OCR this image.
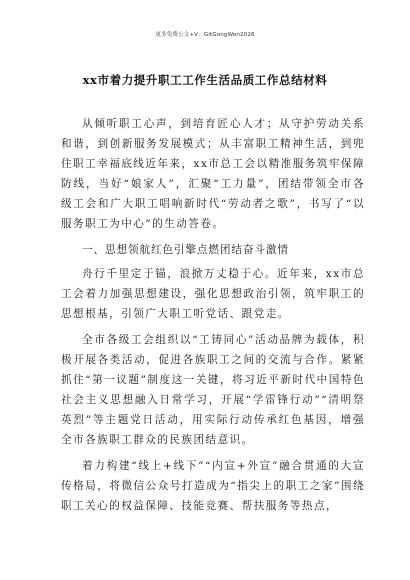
更多免费公文+V：GitGongWen2026
xx市着力提升职工工作生活品质工作总结材料

从倾听职工心声，到培育匠心人才；从守护劳动关系和谐，到创新服务发展模式；从丰富职工精神生活，到兜住职工幸福底线近年来，xx市总工会以精准服务筑牢保障防线，当好“娘家人”，汇聚“工力量”，团结带领全市各级工会和广大职工唱响新时代“劳动者之歌”，书写了“以服务职工为中心”的生动答卷。

一、思想领航红色引擎点燃团结奋斗激情

舟行千里定于锚，浪掀万丈稳于心。近年来，xx市总工会着力加强思想建设，强化思想政治引领，筑牢职工的思想根基，引领广大职工听党话、跟党走。

全市各级工会组织以“工铸同心”活动品牌为载体，积极开展各类活动，促进各族职工之间的交流与合作。紧紧抓住“第一议题”制度这一关键，将习近平新时代中国特色社会主义思想融入日常学习，开展“学雷锋行动”“清明祭英烈”等主题党日活动，用实际行动传承红色基因，增强全市各族职工群众的民族团结意识。

着力构建“线上+线下”“内宣+外宣”融合贯通的大宣传格局，将微信公众号打造成为“指尖上的职工之家”围绕职工关心的权益保障、技能竞赛、帮扶服务等热点，
